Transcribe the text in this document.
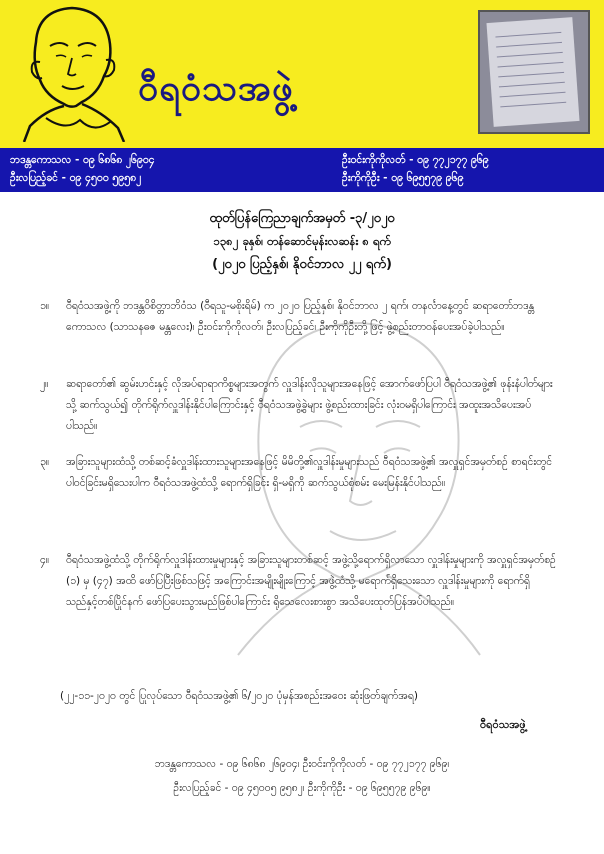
ဝီရဝံသအဖွဲ့
ဘဒန္တကောသလ - ၀၉ ၆၈၆၈ ၂၆၉၀၄
ဦးလပြည့်ခင် - ၀၉ ၄၅၀၀ ၅၉၅၈၂
ဦးဝင်းကိုကိုလတ် - ၀၉ ၇၇၂၁၇၇ ၉၆၉
ဦးကိုကိုဦး - ၀၉ ၆၉၅၅၇၉ ၉၆၉
ထုတ်ပြန်ကြေညာချက်အမှတ် -၃/၂၀၂၀
၁၃၈၂ ခုနှစ်၊ တန်ဆောင်မုန်းလဆန်း ၈ ရက်
(၂၀၂၀ ပြည့်နှစ်၊ နိုဝင်ဘာလ ၂၂ ရက်)
၁။	ဝီရဝံသအဖွဲ့ကို ဘဒန္တဝိစိတ္တာဘိဝံသ (ဝီရသူ-မစိုးရိမ်) က ၂၀၂၀ ပြည့်နှစ်၊ နိုဝင်ဘာလ ၂ ရက်၊ တနင်္လာနေ့တွင် ဆရာတော်ဘဒန္တကောသလ (သာသနဓဇ မန္တလေး)၊ ဦးဝင်းကိုကိုလတ်၊ ဦးလပြည့်ခင်၊ ဦးကိုကိုဦးတို့ဖြင့် ဖွဲ့စည်းတာဝန်ပေးအပ်ခဲ့ပါသည်။
၂။	ဆရာတော်၏ ဆွမ်းဟင်းနှင့် လိုအပ်ရာရာကိစ္စများအတွက် လှူဒါန်းလိုသူများအနေဖြင့် အောက်ဖော်ပြပါ ဝီရဝံသအဖွဲ့၏ ဖုန်းနံပါတ်များသို့ ဆက်သွယ်၍ တိုက်ရိုက်လှူဒါန်းနိုင်ပါကြောင်းနှင့် ဝီရဝံသအဖွဲ့ခွဲများ ဖွဲ့စည်းထားခြင်း လုံးဝမရှိပါကြောင်း အထူးအသိပေးအပ်ပါသည်။
၃။	အခြားသူများထံသို့ တစ်ဆင့်ခံလှူဒါန်းထားသူများအနေဖြင့် မိမိတို့၏လှူဒါန်းမှုများသည် ဝီရဝံသအဖွဲ့၏ အလှူရှင်အမှတ်စဉ် စာရင်းတွင် ပါဝင်ခြင်းမရှိသေးပါက ဝီရဝံသအဖွဲ့ထံသို့ ရောက်ရှိခြင်း ရှိ-မရှိကို ဆက်သွယ်စုံစမ်း မေးမြန်းနိုင်ပါသည်။
၄။	ဝီရဝံသအဖွဲ့ထံသို့ တိုက်ရိုက်လှူဒါန်းထားမှုများနှင့် အခြားသူများတစ်ဆင့် အဖွဲ့သို့ရောက်ရှိလာသော လှူဒါန်းမှုများကို အလှူရှင်အမှတ်စဉ် (၁) မှ (၄၇) အထိ ဖော်ပြပြီးဖြစ်သဖြင့် အကြောင်းအမျိုးမျိုးကြောင့် အဖွဲ့ထံသို့ မရောက်ရှိသေးသော လှူဒါန်းမှုများကို ရောက်ရှိသည်နှင့်တစ်ပြိုင်နက် ဖော်ပြပေးသွားမည်ဖြစ်ပါကြောင်း ရိုသေလေးစားစွာ အသိပေးထုတ်ပြန်အပ်ပါသည်။
(၂၂-၁၁-၂၀၂၀ တွင် ပြုလုပ်သော ဝီရဝံသအဖွဲ့၏ ၆/၂၀၂၀ ပုံမှန်အစည်းအဝေး ဆုံးဖြတ်ချက်အရ)
ဝီရဝံသအဖွဲ့
ဘဒန္တကောသလ - ၀၉ ၆၈၆၈ ၂၆၉၀၄၊ ဦးဝင်းကိုကိုလတ် - ၀၉ ၇၇၂၁၇၇ ၉၆၉၊
ဦးလပြည့်ခင် - ၀၉ ၄၅၀၀၅ ၉၅၈၂၊ ဦးကိုကိုဦး - ၀၉ ၆၉၅၅၇၉ ၉၆၉။
